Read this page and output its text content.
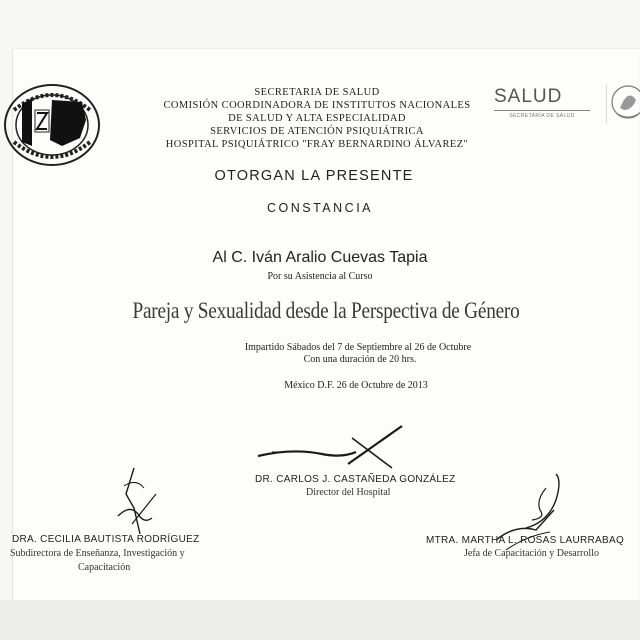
SALUD
SECRETARÍA DE SALUD
SECRETARIA DE SALUD
COMISIÓN COORDINADORA DE INSTITUTOS NACIONALES
DE SALUD Y ALTA ESPECIALIDAD
SERVICIOS DE ATENCIÓN PSIQUIÁTRICA
HOSPITAL PSIQUIÁTRICO "FRAY BERNARDINO ÁLVAREZ"
OTORGAN LA PRESENTE
CONSTANCIA
Al C. Iván Aralio Cuevas Tapia
Por su Asistencia al Curso
Pareja y Sexualidad desde la Perspectiva de Género
Impartido Sábados del 7 de Septiembre al 26 de Octubre
Con una duración de 20 hrs.
México D.F. 26 de Octubre de 2013
DR. CARLOS J. CASTAÑEDA GONZÁLEZ
Director del Hospital
DRA. CECILIA BAUTISTA RODRÍGUEZ
Subdirectora de Enseñanza, Investigación y
Capacitación
MTRA. MARTHA L. ROSAS LAURRABAQ
Jefa de Capacitación y Desarrollo
